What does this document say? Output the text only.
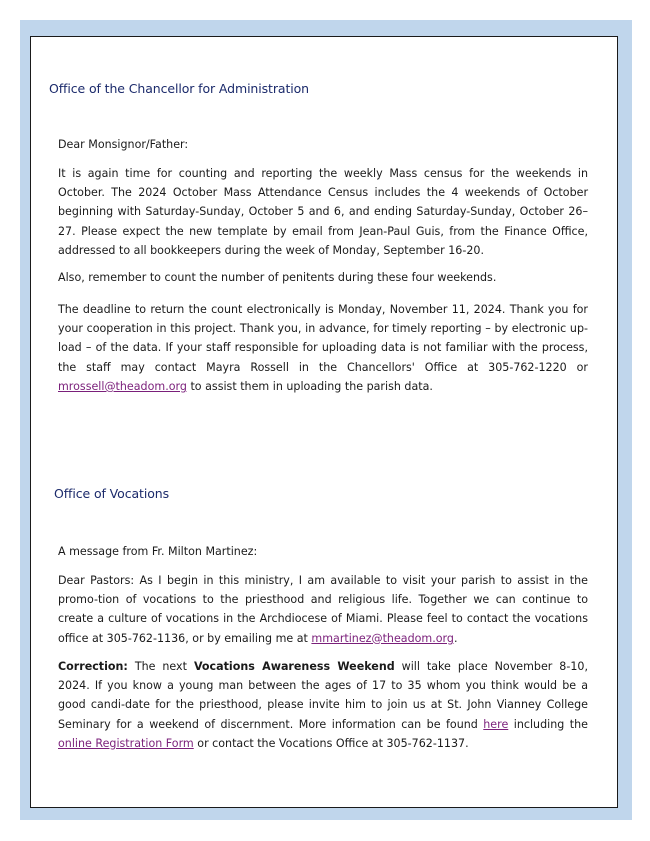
Office of the Chancellor for Administration

Dear Monsignor/Father:

It is again time for counting and reporting the weekly Mass census for the weekends in October. The 2024 October Mass Attendance Census includes the 4 weekends of October beginning with Saturday-Sunday, October 5 and 6, and ending Saturday-Sunday, October 26– 27. Please expect the new template by email from Jean-Paul Guis, from the Finance Office, addressed to all bookkeepers during the week of Monday, September 16-20.

Also, remember to count the number of penitents during these four weekends.

The deadline to return the count electronically is Monday, November 11, 2024. Thank you for your cooperation in this project. Thank you, in advance, for timely reporting – by electronic up-load – of the data. If your staff responsible for uploading data is not familiar with the process, the staff may contact Mayra Rossell in the Chancellors' Office at 305-762-1220 or mrossell@theadom.org to assist them in uploading the parish data.

Office of Vocations

A message from Fr. Milton Martinez:

Dear Pastors: As I begin in this ministry, I am available to visit your parish to assist in the promo-tion of vocations to the priesthood and religious life. Together we can continue to create a culture of vocations in the Archdiocese of Miami. Please feel to contact the vocations office at 305-762-1136, or by emailing me at mmartinez@theadom.org.

Correction: The next Vocations Awareness Weekend will take place November 8-10, 2024. If you know a young man between the ages of 17 to 35 whom you think would be a good candi-date for the priesthood, please invite him to join us at St. John Vianney College Seminary for a weekend of discernment. More information can be found here including the online Registration Form or contact the Vocations Office at 305-762-1137.
